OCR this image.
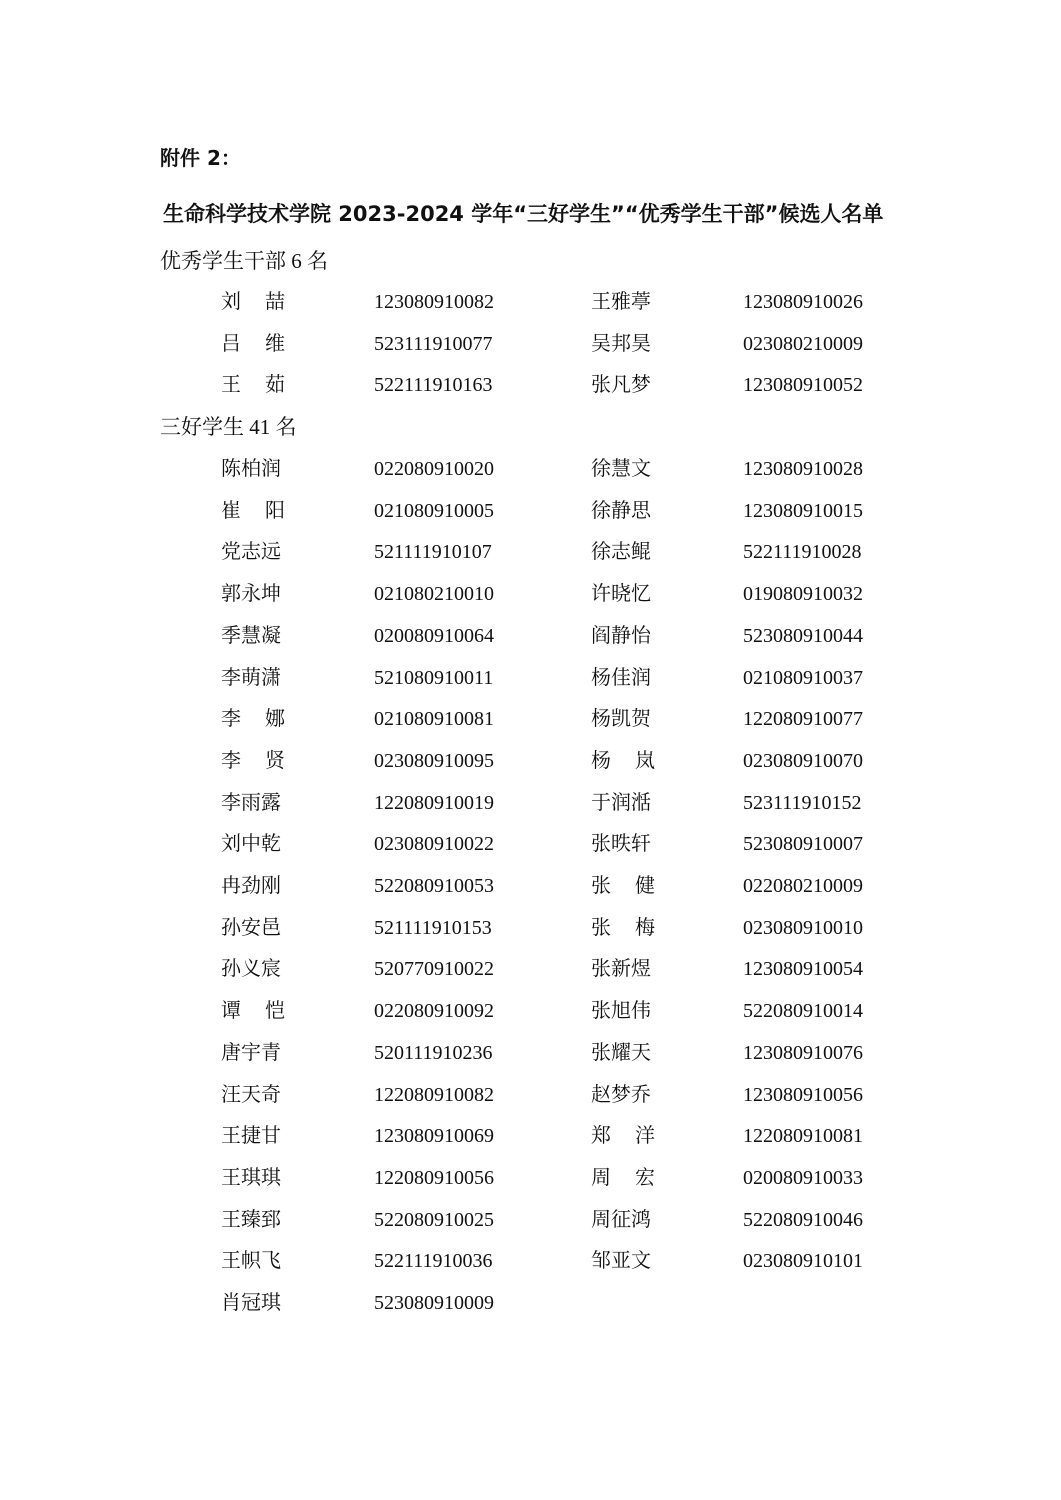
附件 2：
生命科学技术学院 2023-2024 学年“三好学生”“优秀学生干部”候选人名单
优秀学生干部 6 名
刘 喆	123080910082	王雅葶	123080910026
吕 维	523111910077	吴邦昊	023080210009
王 茹	522111910163	张凡梦	123080910052
三好学生 41 名
陈柏润	022080910020	徐慧文	123080910028
崔 阳	021080910005	徐静思	123080910015
党志远	521111910107	徐志鲲	522111910028
郭永坤	021080210010	许晓忆	019080910032
季慧凝	020080910064	阎静怡	523080910044
李萌潇	521080910011	杨佳润	021080910037
李 娜	021080910081	杨凯贺	122080910077
李 贤	023080910095	杨 岚	023080910070
李雨露	122080910019	于润湉	523111910152
刘中乾	023080910022	张昳轩	523080910007
冉劲刚	522080910053	张 健	022080210009
孙安邑	521111910153	张 梅	023080910010
孙义宸	520770910022	张新煜	123080910054
谭 恺	022080910092	张旭伟	522080910014
唐宇青	520111910236	张耀天	123080910076
汪天奇	122080910082	赵梦乔	123080910056
王捷甘	123080910069	郑 洋	122080910081
王琪琪	122080910056	周 宏	020080910033
王臻郅	522080910025	周征鸿	522080910046
王帜飞	522111910036	邹亚文	023080910101
肖冠琪	523080910009
